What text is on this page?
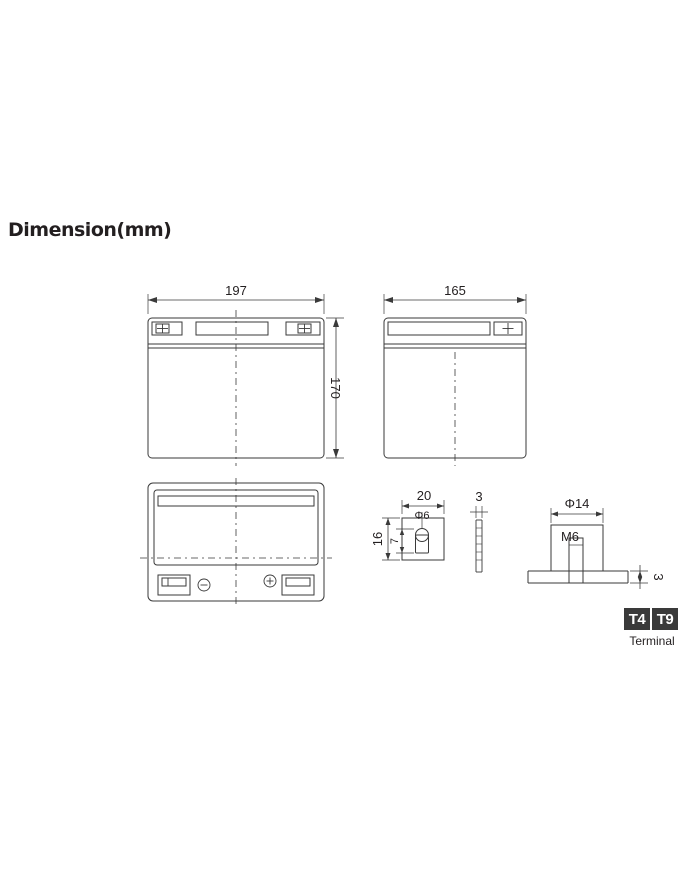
Dimension(mm)
197
170
165
20
Φ6
3
16 7
Φ14
M6
3
T4 T9
Terminal
